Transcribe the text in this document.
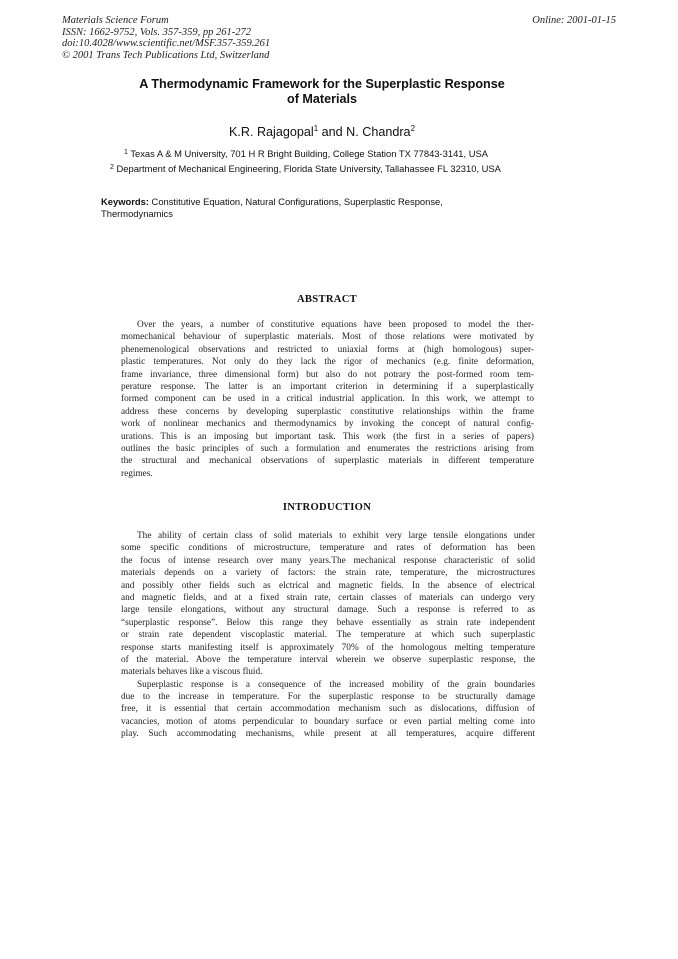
Materials Science Forum
ISSN: 1662-9752, Vols. 357-359, pp 261-272
doi:10.4028/www.scientific.net/MSF.357-359.261
© 2001 Trans Tech Publications Ltd, Switzerland
Online: 2001-01-15
A Thermodynamic Framework for the Superplastic Response
of Materials
K.R. Rajagopal$^1$ and N. Chandra$^2$
$^1$ Texas A & M University, 701 H R Bright Building, College Station TX 77843-3141, USA
$^2$ Department of Mechanical Engineering, Florida State University, Tallahassee FL 32310, USA
Keywords: Constitutive Equation, Natural Configurations, Superplastic Response,
Thermodynamics
ABSTRACT
Over the years, a number of constitutive equations have been proposed to model the ther-
momechanical behaviour of superplastic materials. Most of those relations were motivated by
phenemenological observations and restricted to uniaxial forms at (high homologous) super-
plastic temperatures. Not only do they lack the rigor of mechanics (e.g. finite deformation,
frame invariance, three dimensional form) but also do not potrary the post-formed room tem-
perature response. The latter is an important criterion in determining if a superplastically
formed component can be used in a critical industrial application. In this work, we attempt to
address these concerns by developing superplastic constitutive relationships within the frame
work of nonlinear mechanics and thermodynamics by invoking the concept of natural config-
urations. This is an imposing but important task. This work (the first in a series of papers)
outlines the basic principles of such a formulation and enumerates the restrictions arising from
the structural and mechanical observations of superplastic materials in different temperature
regimes.
INTRODUCTION
The ability of certain class of solid materials to exhibit very large tensile elongations under
some specific conditions of microstructure, temperature and rates of deformation has been
the focus of intense research over many years.The mechanical response characteristic of solid
materials depends on a variety of factors: the strain rate, temperature, the microstructures
and possibly other fields such as elctrical and magnetic fields. In the absence of electrical
and magnetic fields, and at a fixed strain rate, certain classes of materials can undergo very
large tensile elongations, without any structural damage. Such a response is referred to as
“superplastic response”. Below this range they behave essentially as strain rate independent
or strain rate dependent viscoplastic material. The temperature at which such superplastic
response starts manifesting itself is approximately 70% of the homologous melting temperature
of the material. Above the temperature interval wherein we observe superplastic response, the
materials behaves like a viscous fluid.
Superplastic response is a consequence of the increased mobility of the grain boundaries
due to the increase in temperature. For the superplastic response to be structurally damage
free, it is essential that certain accommodation mechanism such as dislocations, diffusion of
vacancies, motion of atoms perpendicular to boundary surface or even partial melting come into
play. Such accommodating mechanisms, while present at all temperatures, acquire different
